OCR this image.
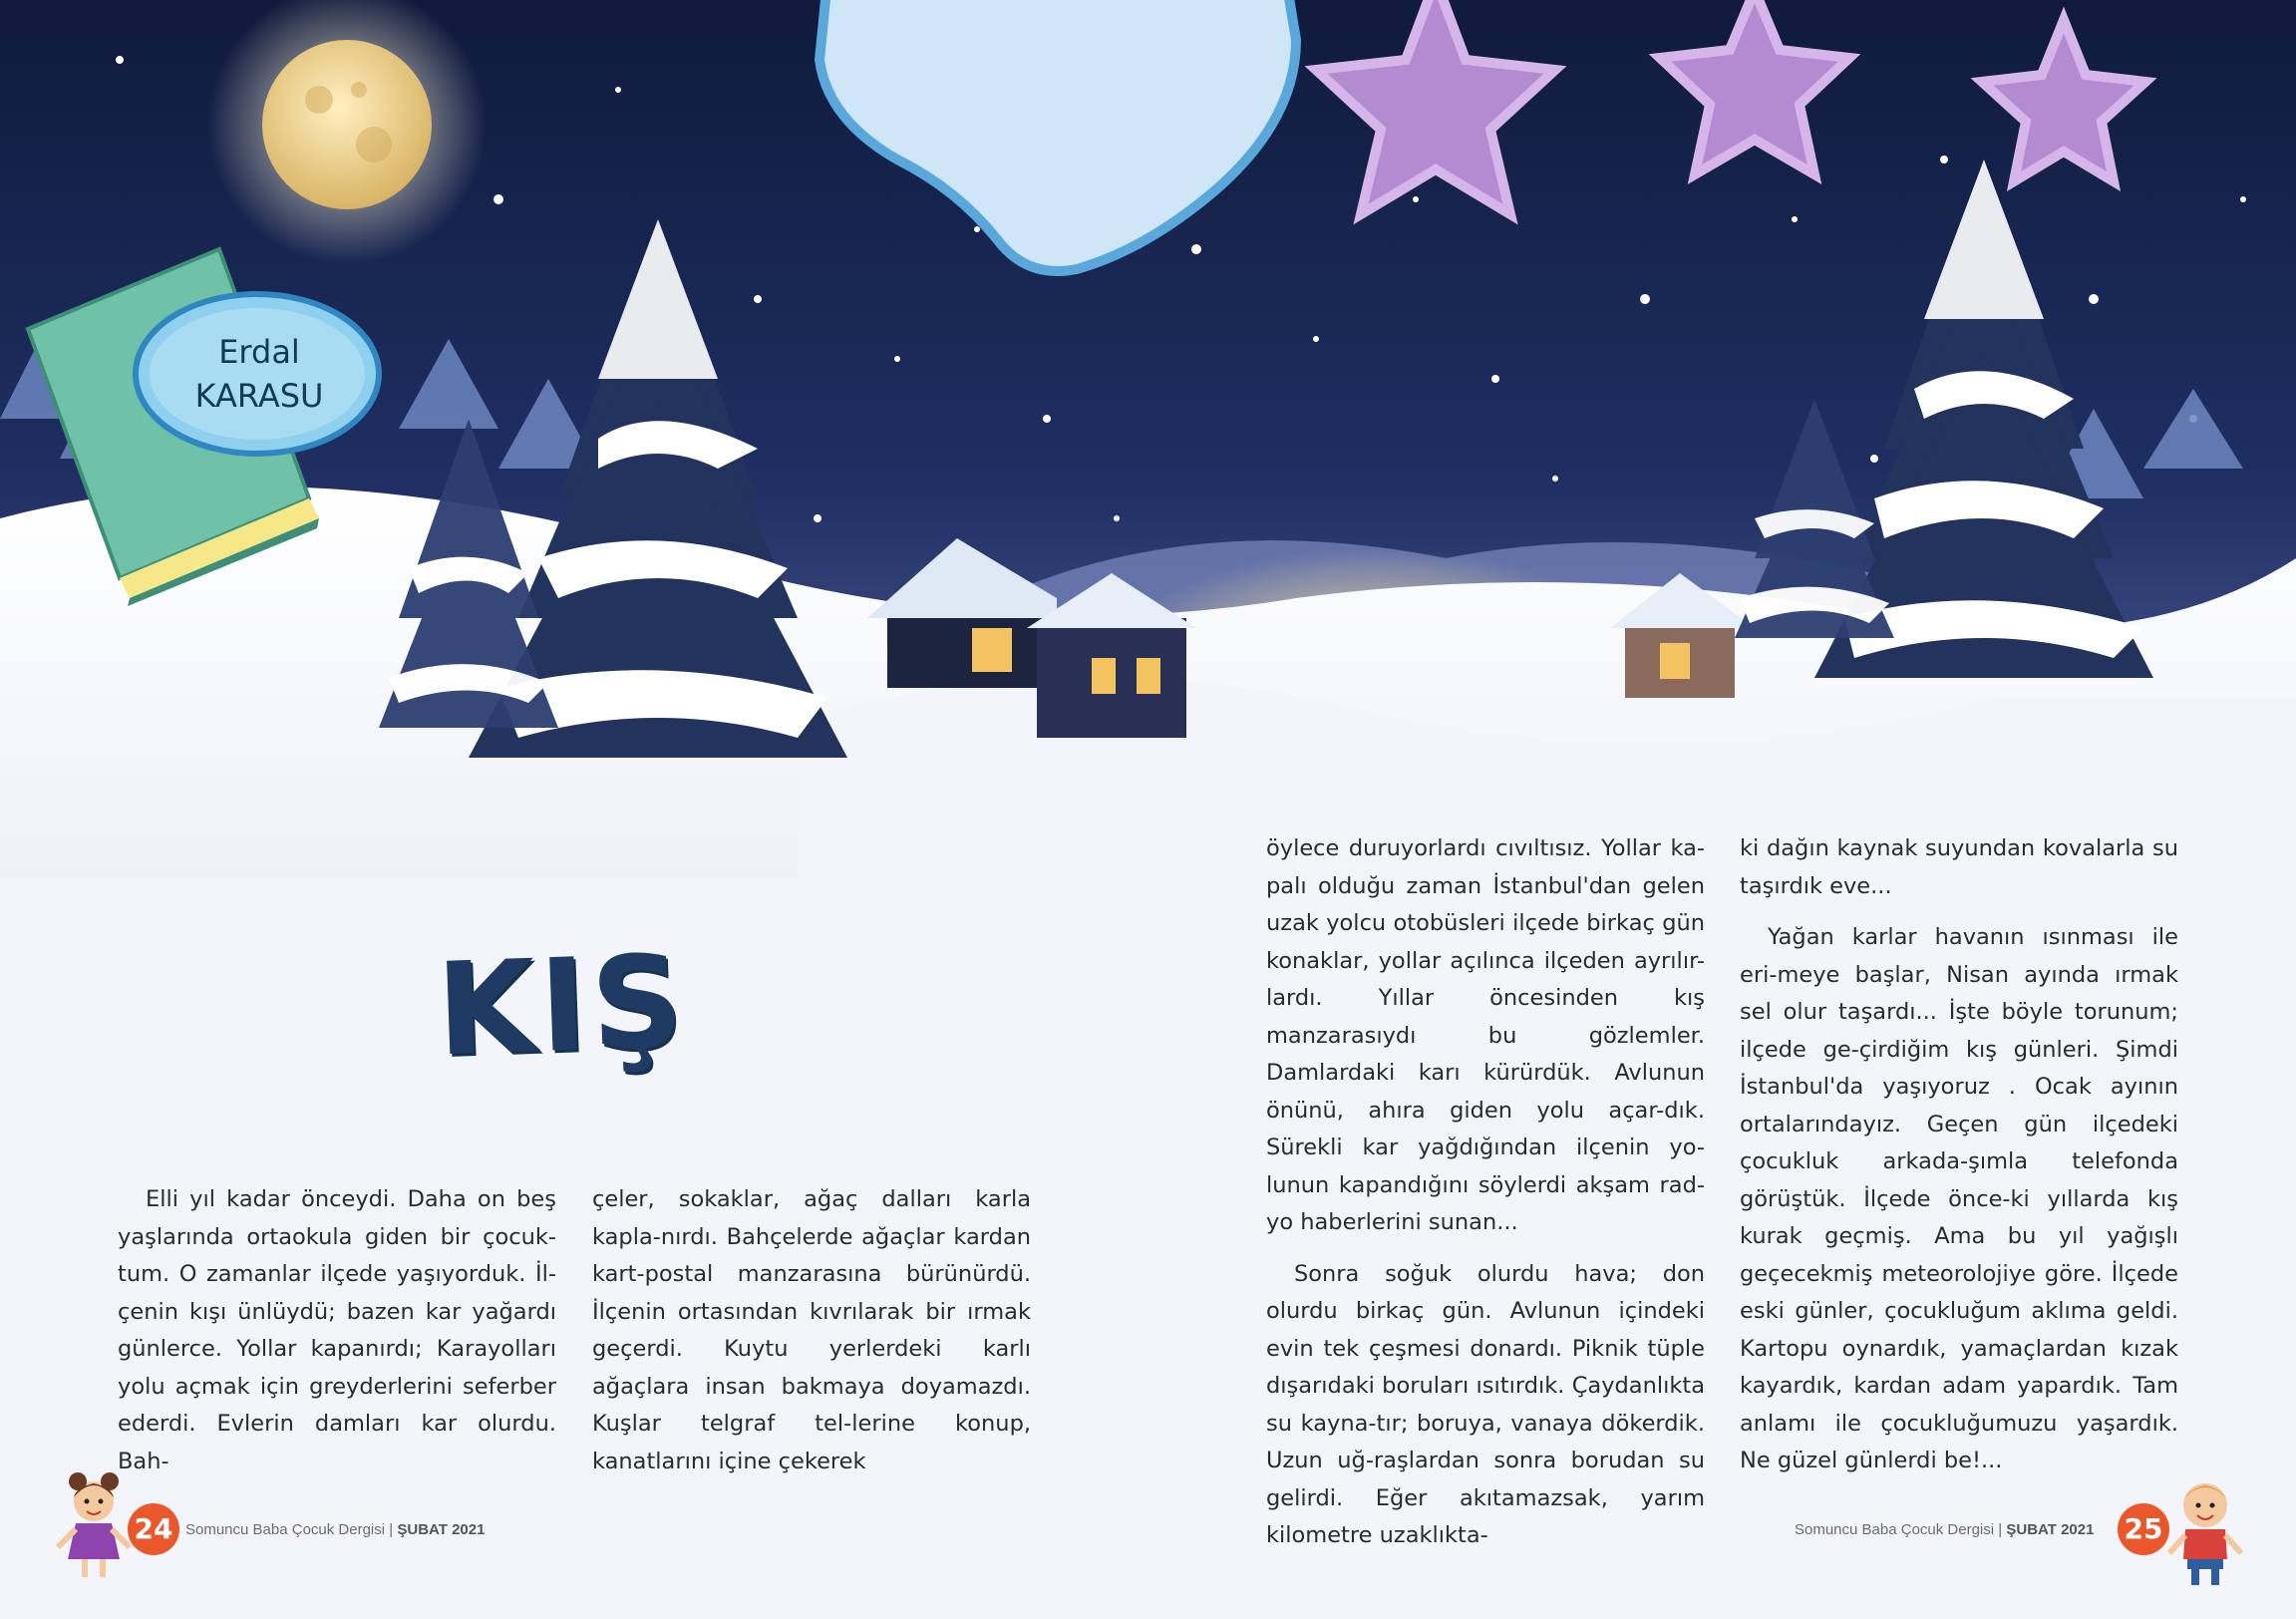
Erdal
KARASU
KIŞ

Elli yıl kadar önceydi. Daha on beş yaşlarında ortaokula giden bir çocuk-tum. O zamanlar ilçede yaşıyorduk. İl-çenin kışı ünlüydü; bazen kar yağardı günlerce. Yollar kapanırdı; Karayolları yolu açmak için greyderlerini seferber ederdi. Evlerin damları kar olurdu. Bah-

çeler, sokaklar, ağaç dalları karla kapla-nırdı. Bahçelerde ağaçlar kardan kart-postal manzarasına bürünürdü. İlçenin ortasından kıvrılarak bir ırmak geçerdi. Kuytu yerlerdeki karlı ağaçlara insan bakmaya doyamazdı. Kuşlar telgraf tel-lerine konup, kanatlarını içine çekerek

öylece duruyorlardı cıvıltısız. Yollar ka-palı olduğu zaman İstanbul'dan gelen uzak yolcu otobüsleri ilçede birkaç gün konaklar, yollar açılınca ilçeden ayrılır-lardı. Yıllar öncesinden kış manzarasıydı bu gözlemler. Damlardaki karı kürürdük. Avlunun önünü, ahıra giden yolu açar-dık. Sürekli kar yağdığından ilçenin yo-lunun kapandığını söylerdi akşam rad-yo haberlerini sunan...

Sonra soğuk olurdu hava; don olurdu birkaç gün. Avlunun içindeki evin tek çeşmesi donardı. Piknik tüple dışarıdaki boruları ısıtırdık. Çaydanlıkta su kayna-tır; boruya, vanaya dökerdik. Uzun uğ-raşlardan sonra borudan su gelirdi. Eğer akıtamazsak, yarım kilometre uzaklıkta-

ki dağın kaynak suyundan kovalarla su taşırdık eve...

Yağan karlar havanın ısınması ile eri-meye başlar, Nisan ayında ırmak sel olur taşardı... İşte böyle torunum; ilçede ge-çirdiğim kış günleri. Şimdi İstanbul'da yaşıyoruz . Ocak ayının ortalarındayız. Geçen gün ilçedeki çocukluk arkada-şımla telefonda görüştük. İlçede önce-ki yıllarda kış kurak geçmiş. Ama bu yıl yağışlı geçecekmiş meteorolojiye göre. İlçede eski günler, çocukluğum aklıma geldi. Kartopu oynardık, yamaçlardan kızak kayardık, kardan adam yapardık. Tam anlamı ile çocukluğumuzu yaşardık. Ne güzel günlerdi be!...

24 Somuncu Baba Çocuk Dergisi | ŞUBAT 2021	Somuncu Baba Çocuk Dergisi | ŞUBAT 2021 25
